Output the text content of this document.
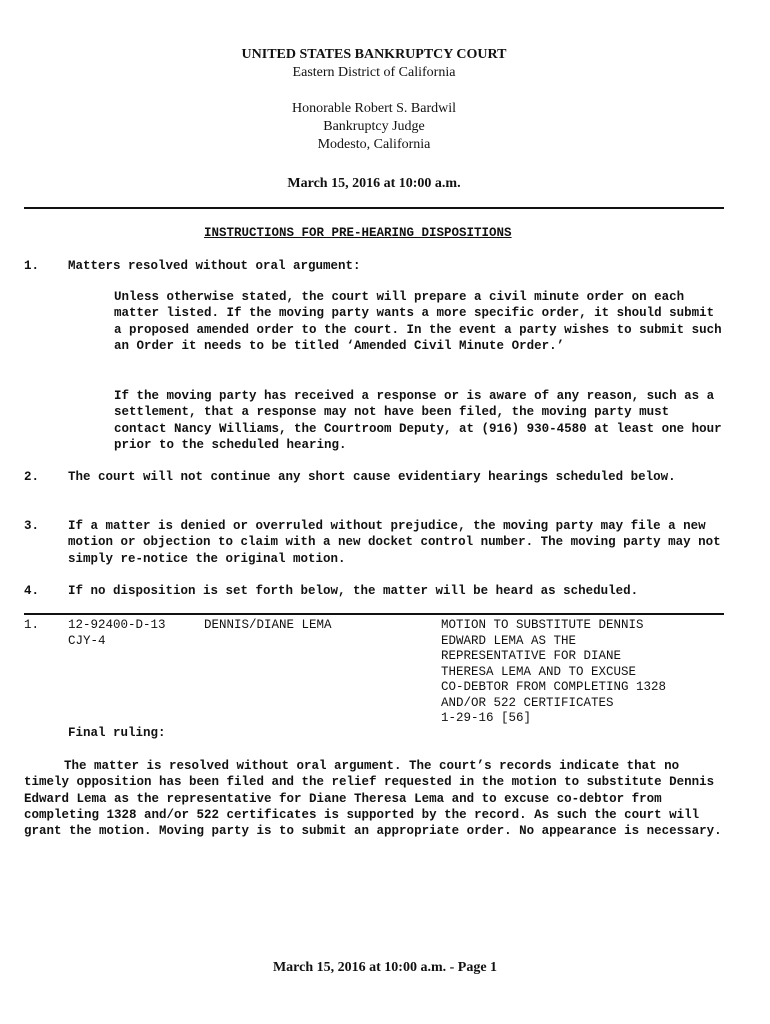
UNITED STATES BANKRUPTCY COURT
Eastern District of California
Honorable Robert S. Bardwil
Bankruptcy Judge
Modesto, California
March 15, 2016 at 10:00 a.m.
INSTRUCTIONS FOR PRE-HEARING DISPOSITIONS
1. Matters resolved without oral argument:
Unless otherwise stated, the court will prepare a civil minute order on each matter listed. If the moving party wants a more specific order, it should submit a proposed amended order to the court. In the event a party wishes to submit such an Order it needs to be titled ‘Amended Civil Minute Order.’
If the moving party has received a response or is aware of any reason, such as a settlement, that a response may not have been filed, the moving party must contact Nancy Williams, the Courtroom Deputy, at (916) 930-4580 at least one hour prior to the scheduled hearing.
2. The court will not continue any short cause evidentiary hearings scheduled below.
3. If a matter is denied or overruled without prejudice, the moving party may file a new motion or objection to claim with a new docket control number. The moving party may not simply re-notice the original motion.
4. If no disposition is set forth below, the matter will be heard as scheduled.
1. 12-92400-D-13
CJY-4
DENNIS/DIANE LEMA	MOTION TO SUBSTITUTE DENNIS
EDWARD LEMA AS THE
REPRESENTATIVE FOR DIANE
THERESA LEMA AND TO EXCUSE
CO-DEBTOR FROM COMPLETING 1328
AND/OR 522 CERTIFICATES
1-29-16 [56]
Final ruling:
The matter is resolved without oral argument. The court’s records indicate that no timely opposition has been filed and the relief requested in the motion to substitute Dennis Edward Lema as the representative for Diane Theresa Lema and to excuse co-debtor from completing 1328 and/or 522 certificates is supported by the record. As such the court will grant the motion. Moving party is to submit an appropriate order. No appearance is necessary.
March 15, 2016 at 10:00 a.m. - Page 1
